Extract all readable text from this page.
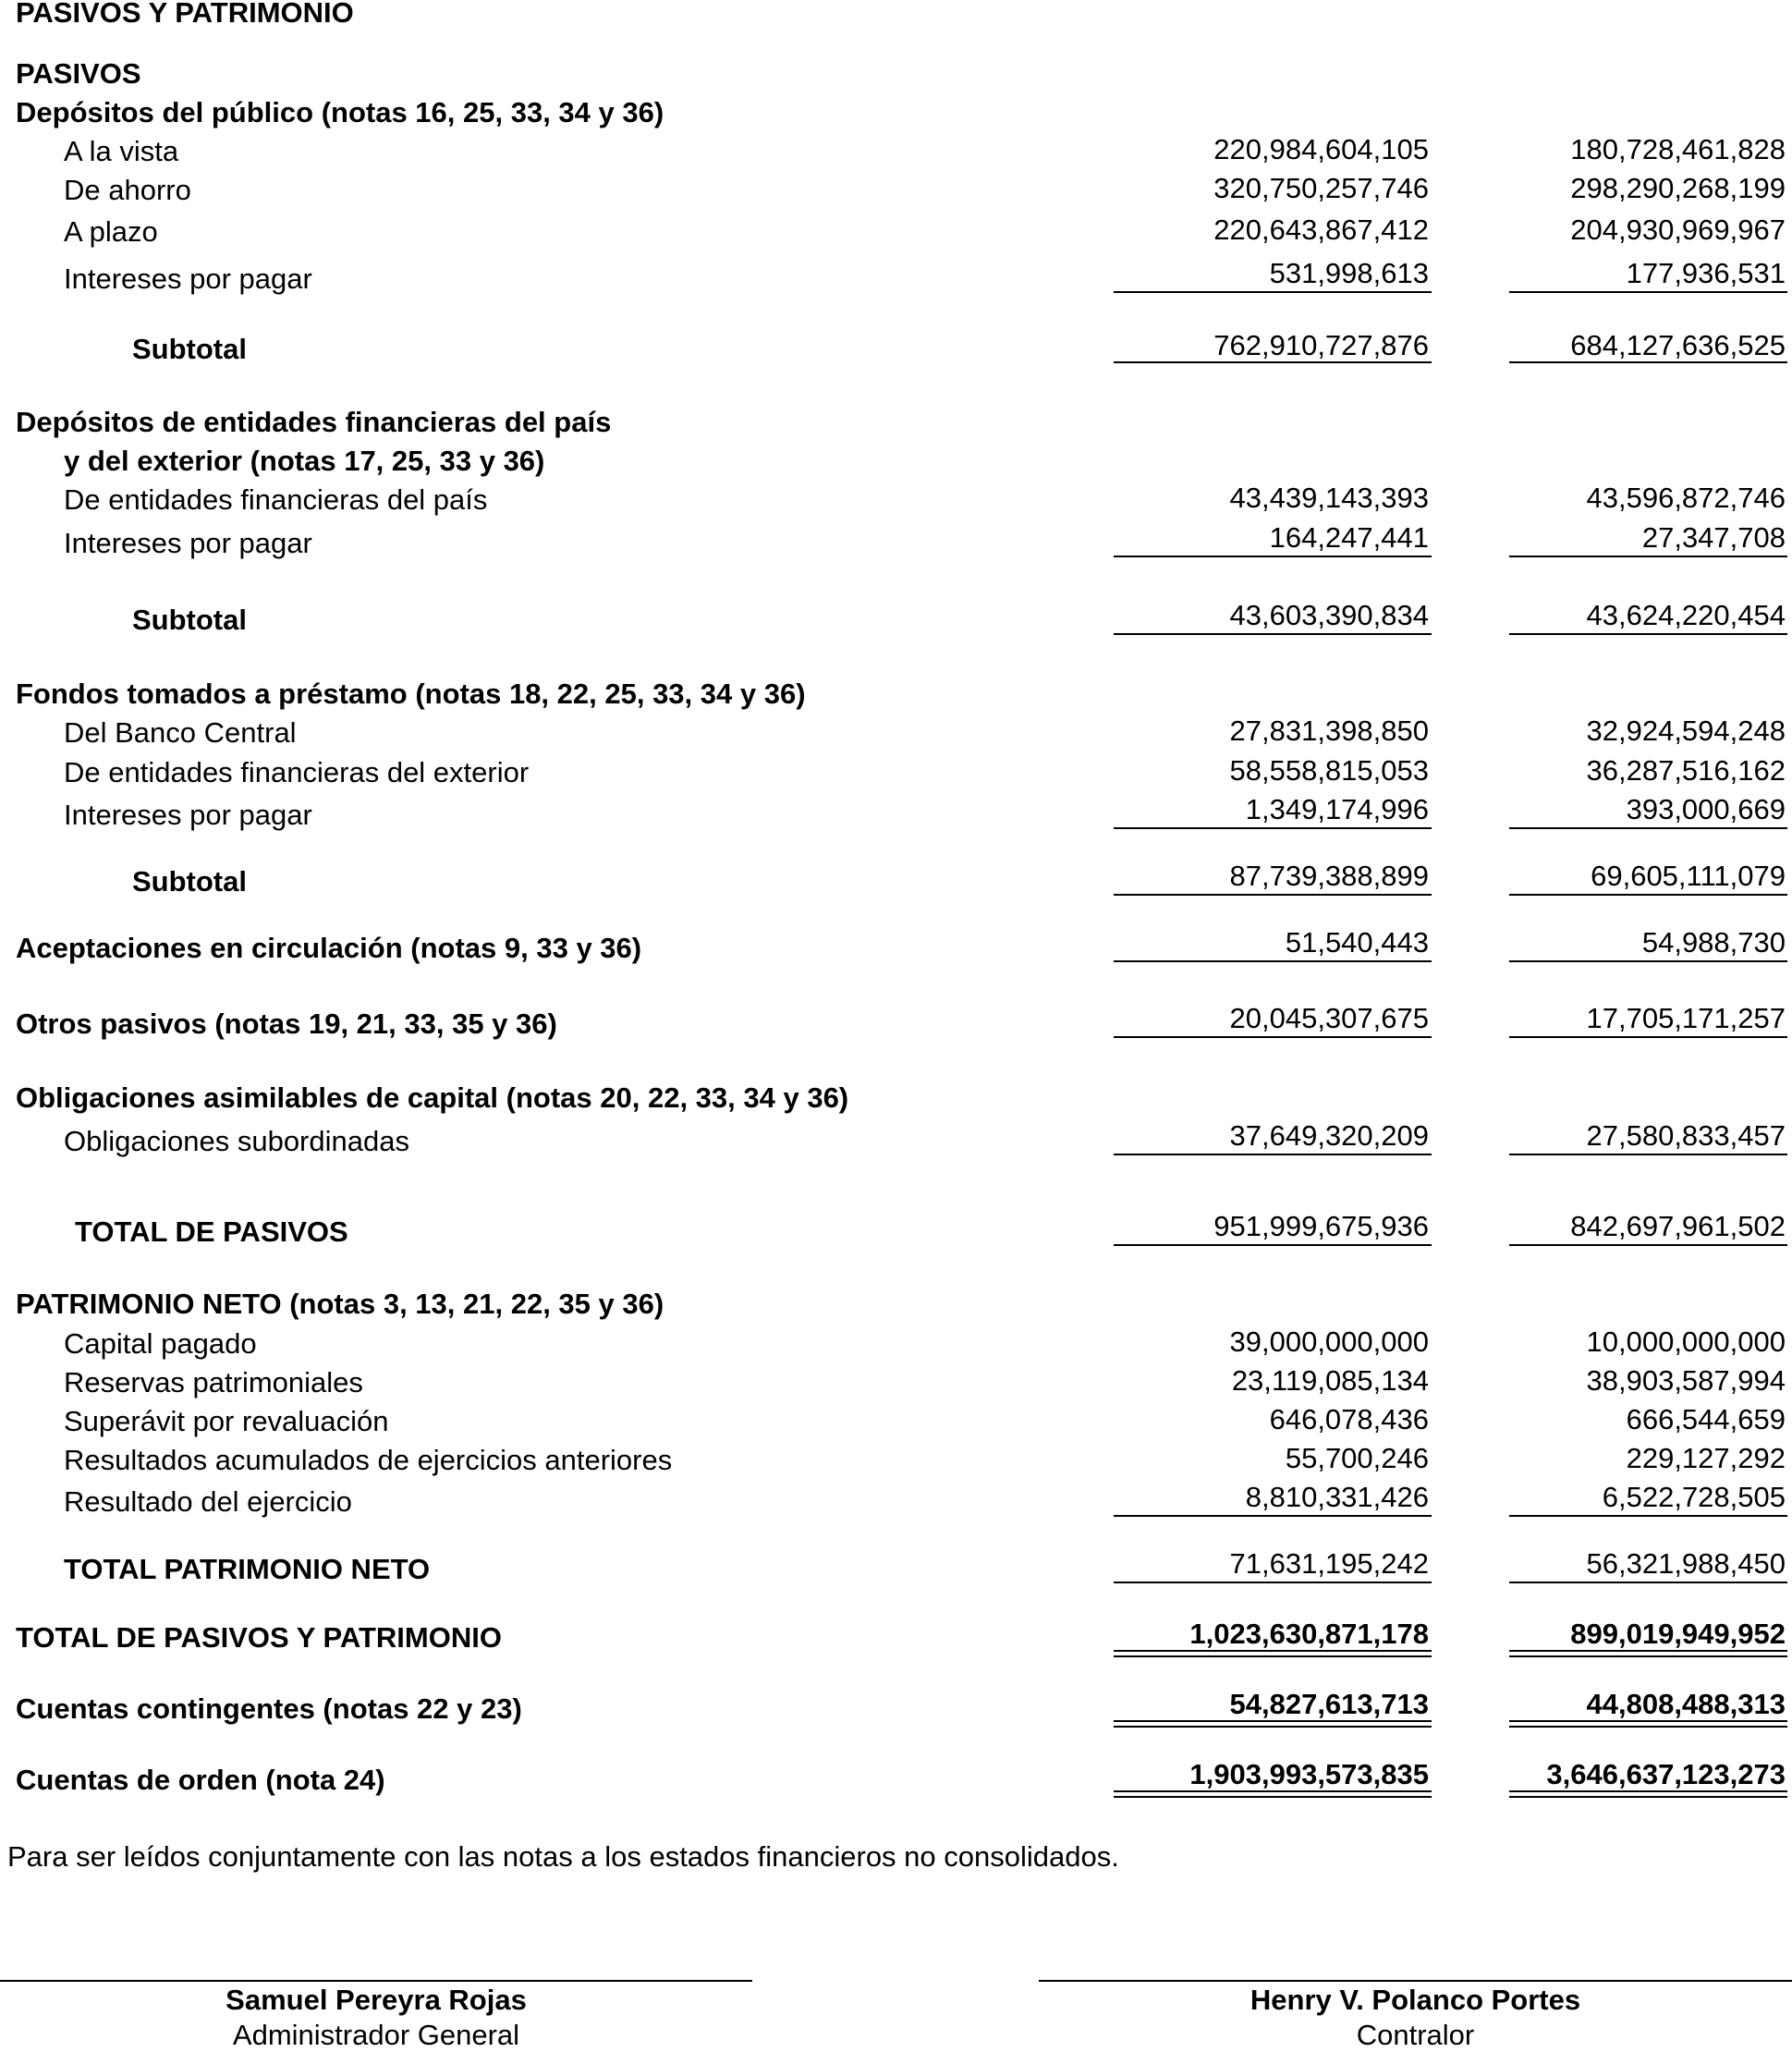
PASIVOS Y PATRIMONIO
PASIVOS
Depósitos del público (notas 16, 25, 33, 34 y 36)
A la vista	220,984,604,105	180,728,461,828
De ahorro	320,750,257,746	298,290,268,199
A plazo	220,643,867,412	204,930,969,967
Intereses por pagar	531,998,613	177,936,531
Subtotal	762,910,727,876	684,127,636,525
Depósitos de entidades financieras del país
y del exterior (notas 17, 25, 33 y 36)
De entidades financieras del país	43,439,143,393	43,596,872,746
Intereses por pagar	164,247,441	27,347,708
Subtotal	43,603,390,834	43,624,220,454
Fondos tomados a préstamo (notas 18, 22, 25, 33, 34 y 36)
Del Banco Central	27,831,398,850	32,924,594,248
De entidades financieras del exterior	58,558,815,053	36,287,516,162
Intereses por pagar	1,349,174,996	393,000,669
Subtotal	87,739,388,899	69,605,111,079
Aceptaciones en circulación (notas 9, 33 y 36)	51,540,443	54,988,730
Otros pasivos (notas 19, 21, 33, 35 y 36)	20,045,307,675	17,705,171,257
Obligaciones asimilables de capital (notas 20, 22, 33, 34 y 36)
Obligaciones subordinadas	37,649,320,209	27,580,833,457
TOTAL DE PASIVOS	951,999,675,936	842,697,961,502
PATRIMONIO NETO (notas 3, 13, 21, 22, 35 y 36)
Capital pagado	39,000,000,000	10,000,000,000
Reservas patrimoniales	23,119,085,134	38,903,587,994
Superávit por revaluación	646,078,436	666,544,659
Resultados acumulados de ejercicios anteriores	55,700,246	229,127,292
Resultado del ejercicio	8,810,331,426	6,522,728,505
TOTAL PATRIMONIO NETO	71,631,195,242	56,321,988,450
TOTAL DE PASIVOS Y PATRIMONIO	1,023,630,871,178	899,019,949,952
Cuentas contingentes (notas 22 y 23)	54,827,613,713	44,808,488,313
Cuentas de orden (nota 24)	1,903,993,573,835	3,646,637,123,273
Para ser leídos conjuntamente con las notas a los estados financieros no consolidados.
Samuel Pereyra Rojas
Administrador General
Henry V. Polanco Portes
Contralor
